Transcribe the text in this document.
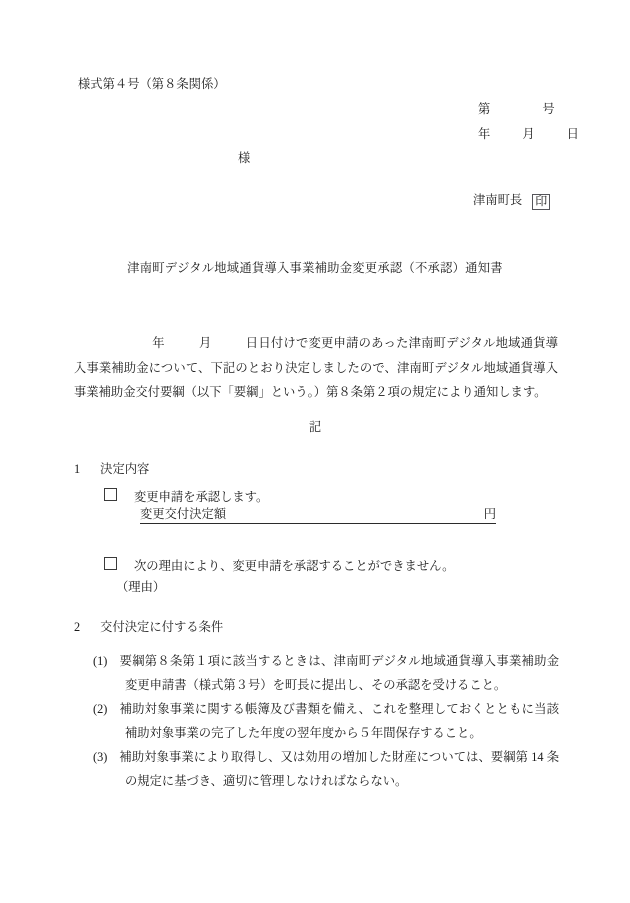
様式第４号（第８条関係）
第	号
年	月	日
様
津南町長 印
津南町デジタル地域通貨導入事業補助金変更承認（不承認）通知書
年	月	日日付けで変更申請のあった津南町デジタル地域通貨導入事業補助金について、下記のとおり決定しましたので、津南町デジタル地域通貨導入事業補助金交付要綱（以下「要綱」という。）第８条第２項の規定により通知します。
記
1 決定内容
変更申請を承認します。
円
変更交付決定額
次の理由により、変更申請を承認することができません。
（理由）
2 交付決定に付する条件
(1) 要綱第８条第１項に該当するときは、津南町デジタル地域通貨導入事業補助金変更申請書（様式第３号）を町長に提出し、その承認を受けること。
(2) 補助対象事業に関する帳簿及び書類を備え、これを整理しておくとともに当該補助対象事業の完了した年度の翌年度から５年間保存すること。
(3) 補助対象事業により取得し、又は効用の増加した財産については、要綱第 14 条の規定に基づき、適切に管理しなければならない。
